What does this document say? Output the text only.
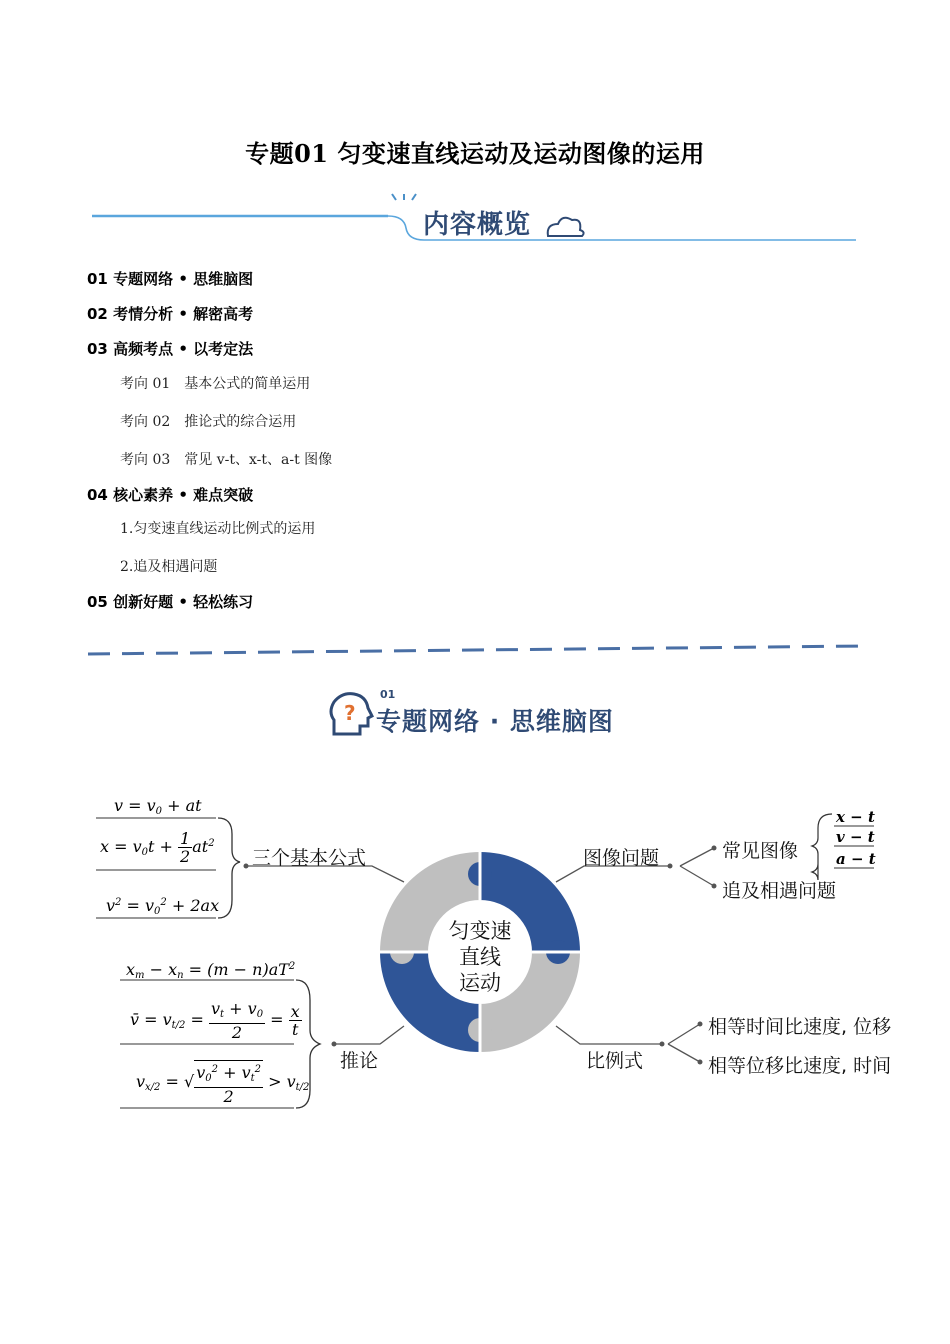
专题01 匀变速直线运动及运动图像的运用
内容概览
01 专题网络 • 思维脑图
02 考情分析 • 解密高考
03 高频考点 • 以考定法
考向 01　基本公式的简单运用
考向 02　推论式的综合运用
考向 03　常见 v-t、x-t、a-t 图像
04 核心素养 • 难点突破
1.匀变速直线运动比例式的运用
2.追及相遇问题
05 创新好题 • 轻松练习
?
01
专题网络 · 思维脑图
匀变速
直线
运动
三个基本公式	图像问题
推论	比例式
常见图像
追及相遇问题
相等时间比速度, 位移
相等位移比速度, 时间
x − t
v − t
a − t
$v = v_0$ + at
$x = v_0t + \frac{1}{2} at^2$
$v^2 = v_0^2 + 2ax$
$x_m - x_n = (m - n)aT^2$
v̄ = $v_{t/2} = \frac{v_t + v_0}{2} = \frac{x}{t}$
$v_{x/2}$ = √ $\frac{v_0^2 + v_t^2}{2} > v_{t/2}$
